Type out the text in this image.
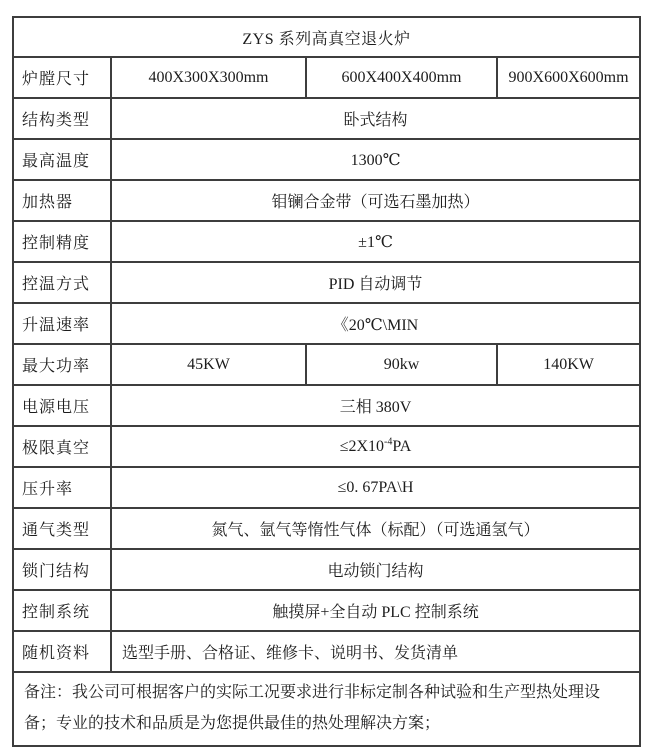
ZYS 系列高真空退火炉			
炉膛尺寸	400X300X300mm	600X400X400mm	900X600X600mm
结构类型	卧式结构		
最高温度	1300℃		
加热器	钼镧合金带（可选石墨加热）		
控制精度	±1℃		
控温方式	PID 自动调节		
升温速率	《20℃\MIN		
最大功率	45KW	90kw	140KW
电源电压	三相 380V		
极限真空	$\le 2X10^{-4}PA$		
压升率	≤0. 67PA\H		
通气类型	氮气、氩气等惰性气体（标配）（可选通氢气）		
锁门结构	电动锁门结构		
控制系统	触摸屏+全自动 PLC 控制系统		
随机资料	选型手册、合格证、维修卡、说明书、发货清单		
备注：我公司可根据客户的实际工况要求进行非标定制各种试验和生产型热处理设备；专业的技术和品质是为您提供最佳的热处理解决方案；			
